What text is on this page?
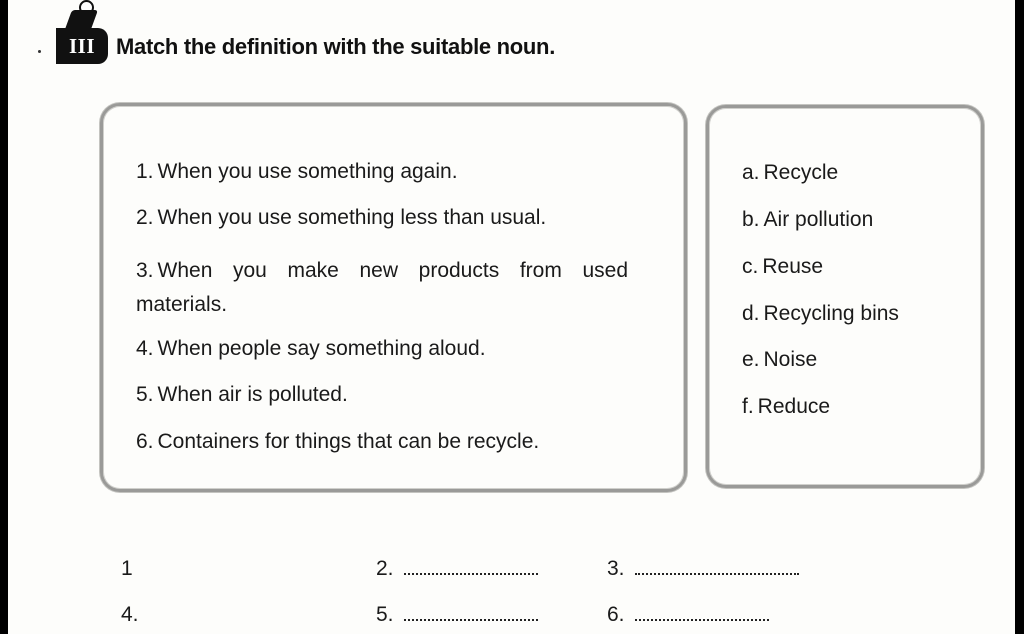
III Match the definition with the suitable noun.
1. When you use something again.
2. When you use something less than usual.
3. When you make new products from used materials.
4. When people say something aloud.
5. When air is polluted.
6. Containers for things that can be recycle.
a. Recycle
b. Air pollution
c. Reuse
d. Recycling bins
e. Noise
f. Reduce
1	2.	3.
4.	5.	6.
